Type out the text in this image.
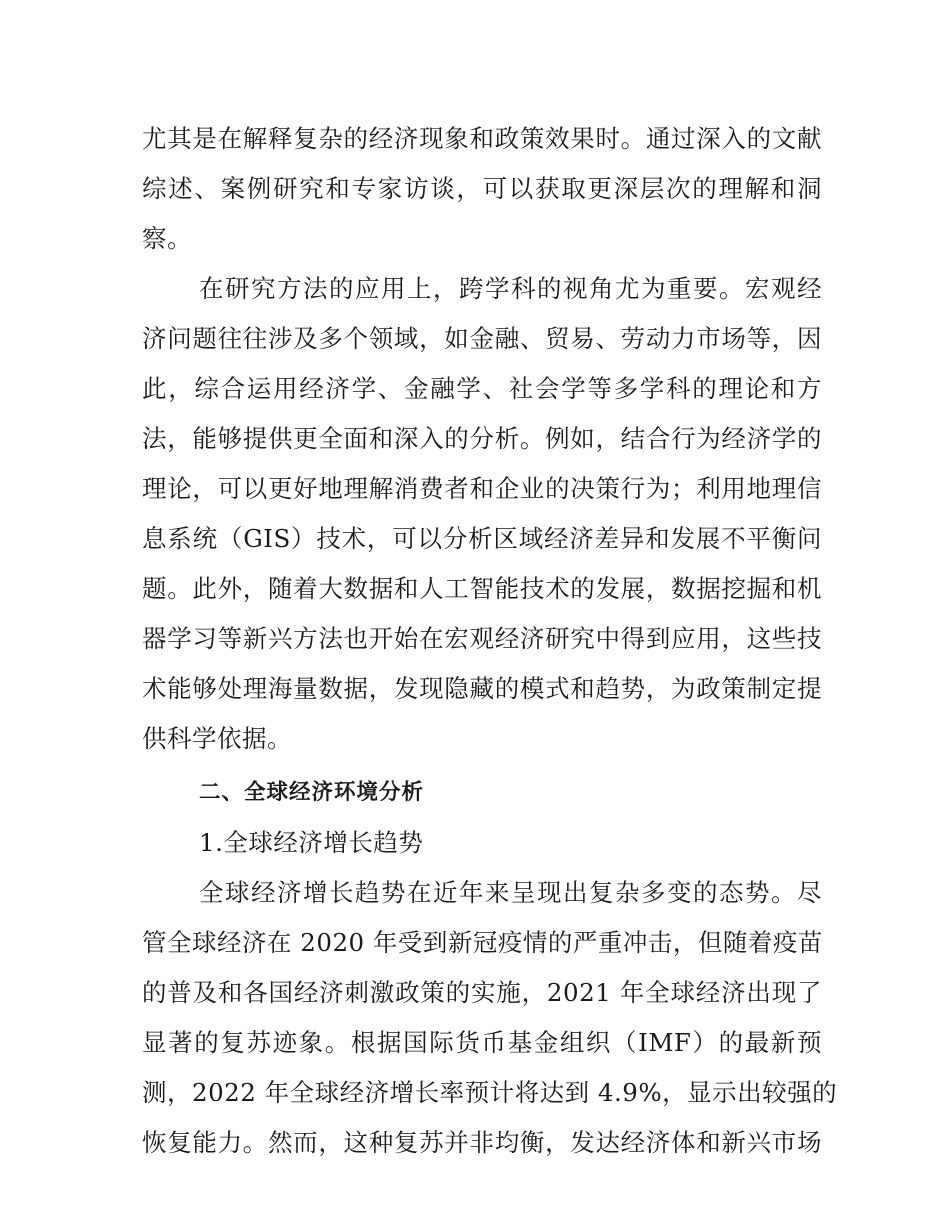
尤其是在解释复杂的经济现象和政策效果时。通过深入的文献
综述、案例研究和专家访谈，可以获取更深层次的理解和洞
察。
在研究方法的应用上，跨学科的视角尤为重要。宏观经
济问题往往涉及多个领域，如金融、贸易、劳动力市场等，因
此，综合运用经济学、金融学、社会学等多学科的理论和方
法，能够提供更全面和深入的分析。例如，结合行为经济学的
理论，可以更好地理解消费者和企业的决策行为；利用地理信
息系统（GIS）技术，可以分析区域经济差异和发展不平衡问
题。此外，随着大数据和人工智能技术的发展，数据挖掘和机
器学习等新兴方法也开始在宏观经济研究中得到应用，这些技
术能够处理海量数据，发现隐藏的模式和趋势，为政策制定提
供科学依据。
二、全球经济环境分析
1.全球经济增长趋势
全球经济增长趋势在近年来呈现出复杂多变的态势。尽
管全球经济在 2020 年受到新冠疫情的严重冲击，但随着疫苗
的普及和各国经济刺激政策的实施，2021 年全球经济出现了
显著的复苏迹象。根据国际货币基金组织（IMF）的最新预
测，2022 年全球经济增长率预计将达到 4.9%，显示出较强的
恢复能力。然而，这种复苏并非均衡，发达经济体和新兴市场
